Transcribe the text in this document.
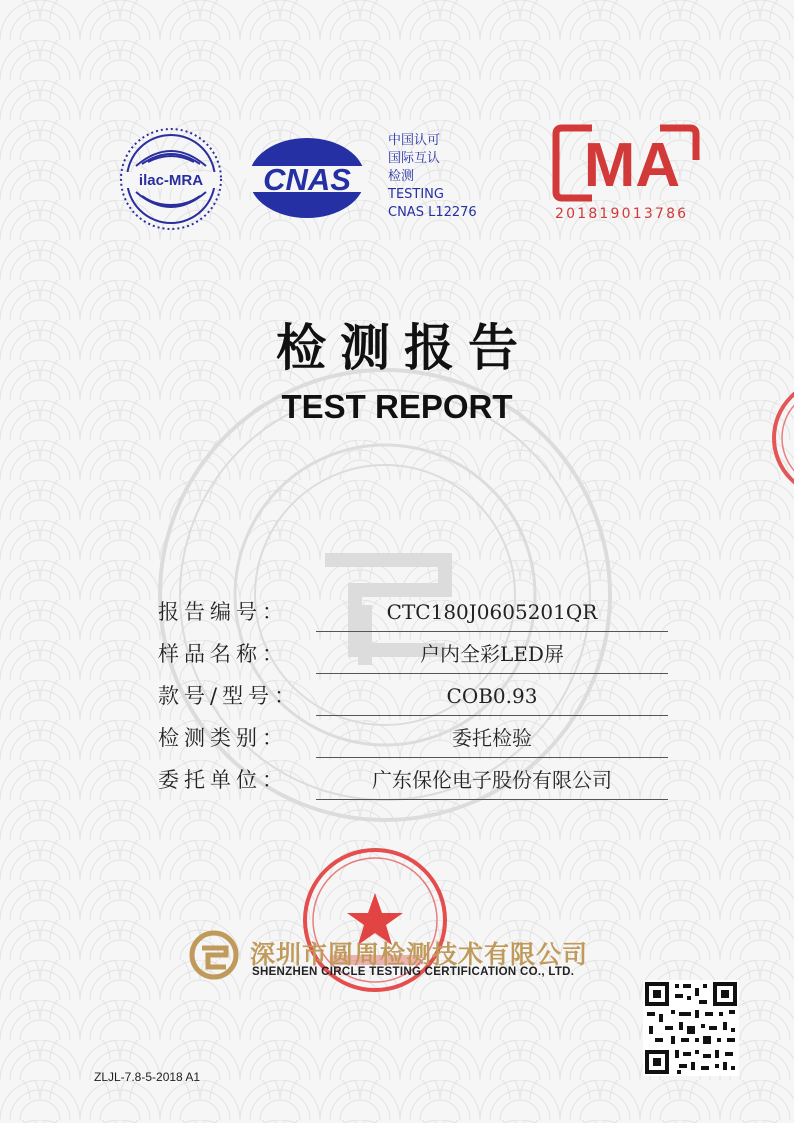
ilac-MRA CNAS
中国认可
国际互认
检测
TESTING
CNAS L12276
MA
201819013786
检测报告
TEST REPORT
报告编号：	CTC180J0605201QR
样品名称：	户内全彩LED屏
款号/型号：	COB0.93
检测类别：	委托检验
委托单位：	广东保伦电子股份有限公司
深圳市圆周检测技术有限公司
SHENZHEN CIRCLE TESTING CERTIFICATION CO., LTD.
ZLJL-7.8-5-2018 A1
